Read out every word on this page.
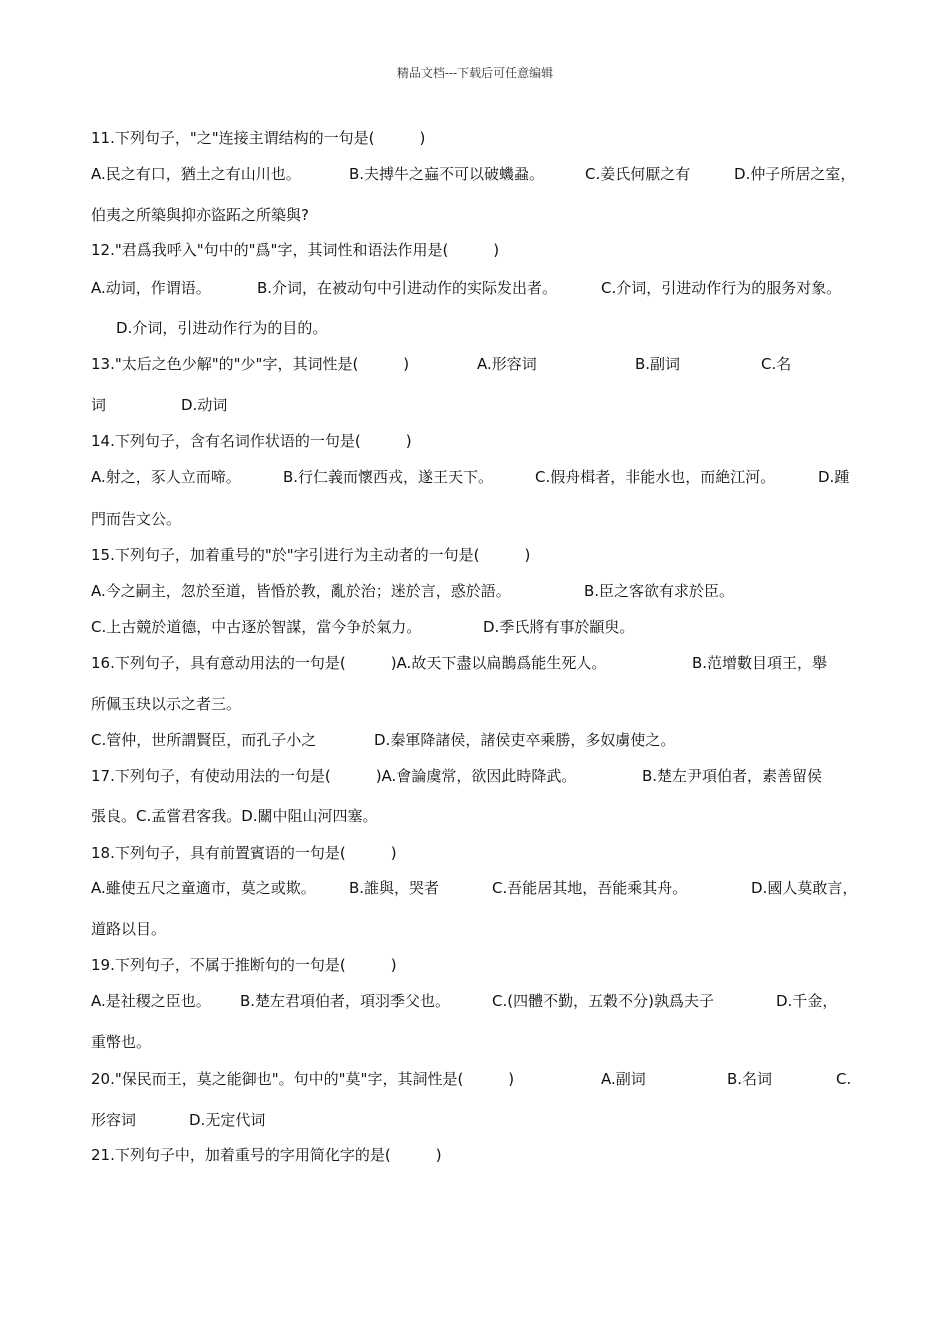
精品文档---下载后可任意编辑
11.下列句子，"之"连接主谓结构的一句是(　　　)
A.民之有口，猶土之有山川也。	B.夫搏牛之蝱不可以破蟣蝨。	C.姜氏何厭之有	D.仲子所居之室，
伯夷之所築與抑亦盜跖之所築與?
12."君爲我呼入"句中的"爲"字，其词性和语法作用是(　　　)
A.动词，作谓语。	B.介词，在被动句中引进动作的实际发出者。	C.介词，引进动作行为的服务对象。
D.介词，引进动作行为的目的。
13."太后之色少解"的"少"字，其词性是(　　　)	A.形容词	B.副词	C.名
词	D.动词
14.下列句子，含有名词作状语的一句是(　　　)
A.射之，豕人立而啼。	B.行仁義而懷西戎，遂王天下。	C.假舟楫者，非能水也，而絶江河。	D.踵
門而告文公。
15.下列句子，加着重号的"於"字引进行为主动者的一句是(　　　)
A.今之嗣主，忽於至道，皆惛於教，亂於治；迷於言，惑於語。	B.臣之客欲有求於臣。
C.上古競於道德，中古逐於智謀，當今争於氣力。	D.季氏將有事於顓臾。
16.下列句子，具有意动用法的一句是(　　　)A.故天下盡以扁鵲爲能生死人。	B.范增數目項王，舉
所佩玉玦以示之者三。
C.管仲，世所謂賢臣，而孔子小之	D.秦軍降諸侯，諸侯吏卒乘勝，多奴虜使之。
17.下列句子，有使动用法的一句是(　　　)A.會論虞常，欲因此時降武。	B.楚左尹項伯者，素善留侯
張良。C.孟嘗君客我。D.關中阻山河四塞。
18.下列句子，具有前置賓语的一句是(　　　)
A.雖使五尺之童適市，莫之或欺。 B.誰與，哭者	C.吾能居其地，吾能乘其舟。	D.國人莫敢言，
道路以目。
19.下列句子，不属于推断句的一句是(　　　)
A.是社稷之臣也。 B.楚左君項伯者，項羽季父也。	C.(四體不勤，五穀不分)孰爲夫子	D.千金，
重幣也。
20."保民而王，莫之能御也"。句中的"莫"字，其詞性是(　　　)	A.副词	B.名词	C.
形容词	D.无定代词
21.下列句子中，加着重号的字用简化字的是(　　　)
